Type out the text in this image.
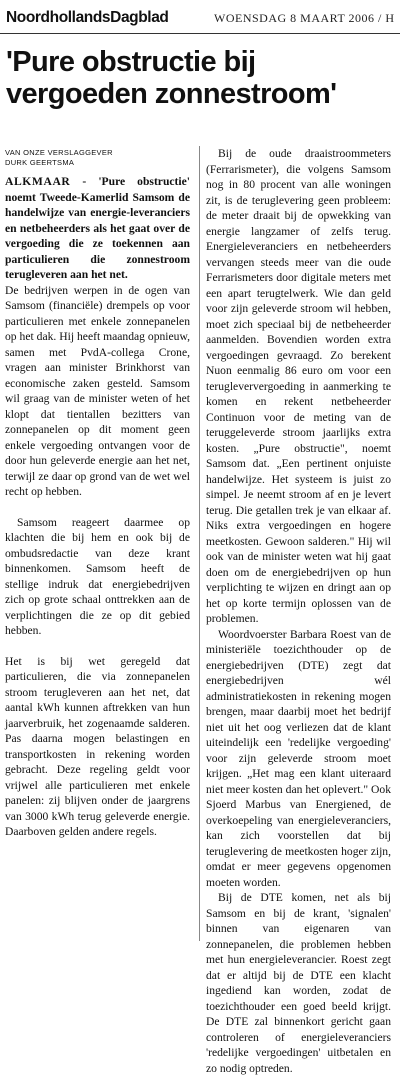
NoordhollandsDagblad	WOENSDAG 8 MAART 2006 / H
'Pure obstructie bij
vergoeden zonnestroom'
VAN ONZE VERSLAGGEVER
DURK GEERTSMA

ALKMAAR - 'Pure obstructie' noemt Tweede-Kamerlid Samsom de handelwijze van energie-leveranciers en netbeheerders als het gaat over de vergoeding die ze toekennen aan particulieren die zonnestroom terugleveren aan het net.

De bedrijven werpen in de ogen van Samsom (financiële) drempels op voor particulieren met enkele zonnepanelen op het dak. Hij heeft maandag opnieuw, samen met PvdA-collega Crone, vragen aan minister Brinkhorst van economische zaken gesteld. Samsom wil graag van de minister weten of het klopt dat tientallen bezitters van zonnepanelen op dit moment geen enkele vergoeding ontvangen voor de door hun geleverde energie aan het net, terwijl ze daar op grond van de wet wel recht op hebben.

Samsom reageert daarmee op klachten die bij hem en ook bij de ombudsredactie van deze krant binnenkomen. Samsom heeft de stellige indruk dat energiebedrijven zich op grote schaal onttrekken aan de verplichtingen die ze op dit gebied hebben.

Het is bij wet geregeld dat particulieren, die via zonnepanelen stroom terugleveren aan het net, dat aantal kWh kunnen aftrekken van hun jaarverbruik, het zogenaamde salderen. Pas daarna mogen belastingen en transportkosten in rekening worden gebracht. Deze regeling geldt voor vrijwel alle particulieren met enkele panelen: zij blijven onder de jaargrens van 3000 kWh terug geleverde energie. Daarboven gelden andere regels.

Bij de oude draaistroommeters (Ferrarismeter), die volgens Samsom nog in 80 procent van alle woningen zit, is de teruglevering geen probleem: de meter draait bij de opwekking van energie langzamer of zelfs terug. Energieleveranciers en netbeheerders vervangen steeds meer van die oude Ferrarismeters door digitale meters met een apart terugtelwerk. Wie dan geld voor zijn geleverde stroom wil hebben, moet zich speciaal bij de netbeheerder aanmelden. Bovendien worden extra vergoedingen gevraagd. Zo berekent Nuon eenmalig 86 euro om voor een terugleververgoeding in aanmerking te komen en rekent netbeheerder Continuon voor de meting van de teruggeleverde stroom jaarlijks extra kosten. „Pure obstructie", noemt Samsom dat. „Een pertinent onjuiste handelwijze. Het systeem is juist zo simpel. Je neemt stroom af en je levert terug. Die getallen trek je van elkaar af. Niks extra vergoedingen en hogere meetkosten. Gewoon salderen." Hij wil ook van de minister weten wat hij gaat doen om de energiebedrijven op hun verplichting te wijzen en dringt aan op het op korte termijn oplossen van de problemen.

Woordvoerster Barbara Roest van de ministeriële toezichthouder op de energiebedrijven (DTE) zegt dat energiebedrijven wél administratiekosten in rekening mogen brengen, maar daarbij moet het bedrijf niet uit het oog verliezen dat de klant uiteindelijk een 'redelijke vergoeding' voor zijn geleverde stroom moet krijgen. „Het mag een klant uiteraard niet meer kosten dan het oplevert." Ook Sjoerd Marbus van Energiened, de overkoepeling van energieleveranciers, kan zich voorstellen dat bij teruglevering de meetkosten hoger zijn, omdat er meer gegevens opgenomen moeten worden.

Bij de DTE komen, net als bij Samsom en bij de krant, 'signalen' binnen van eigenaren van zonnepanelen, die problemen hebben met hun energieleverancier. Roest zegt dat er altijd bij de DTE een klacht ingediend kan worden, zodat de toezichthouder een goed beeld krijgt. De DTE zal binnenkort gericht gaan controleren of energieleveranciers 'redelijke vergoedingen' uitbetalen en zo nodig optreden.
